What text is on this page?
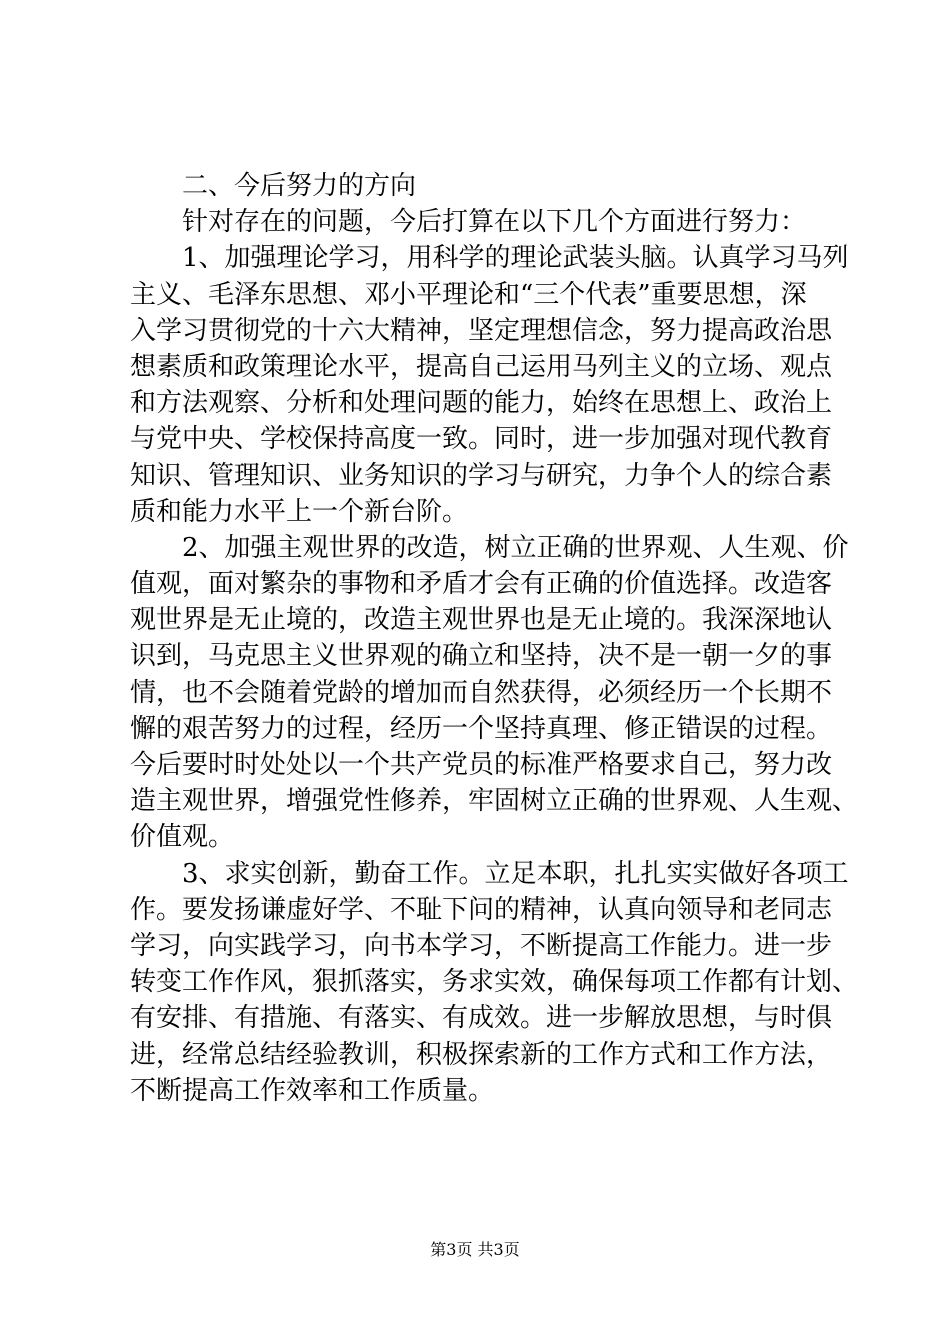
　　二、今后努力的方向
　　针对存在的问题，今后打算在以下几个方面进行努力：
　　1、加强理论学习，用科学的理论武装头脑。认真学习马列
主义、毛泽东思想、邓小平理论和“三个代表”重要思想，深
入学习贯彻党的十六大精神，坚定理想信念，努力提高政治思
想素质和政策理论水平，提高自己运用马列主义的立场、观点
和方法观察、分析和处理问题的能力，始终在思想上、政治上
与党中央、学校保持高度一致。同时，进一步加强对现代教育
知识、管理知识、业务知识的学习与研究，力争个人的综合素
质和能力水平上一个新台阶。
　　2、加强主观世界的改造，树立正确的世界观、人生观、价
值观，面对繁杂的事物和矛盾才会有正确的价值选择。改造客
观世界是无止境的，改造主观世界也是无止境的。我深深地认
识到，马克思主义世界观的确立和坚持，决不是一朝一夕的事
情，也不会随着党龄的增加而自然获得，必须经历一个长期不
懈的艰苦努力的过程，经历一个坚持真理、修正错误的过程。
今后要时时处处以一个共产党员的标准严格要求自己，努力改
造主观世界，增强党性修养，牢固树立正确的世界观、人生观、
价值观。
　　3、求实创新，勤奋工作。立足本职，扎扎实实做好各项工
作。要发扬谦虚好学、不耻下问的精神，认真向领导和老同志
学习，向实践学习，向书本学习，不断提高工作能力。进一步
转变工作作风，狠抓落实，务求实效，确保每项工作都有计划、
有安排、有措施、有落实、有成效。进一步解放思想，与时俱
进，经常总结经验教训，积极探索新的工作方式和工作方法，
不断提高工作效率和工作质量。
第3页 共3页
